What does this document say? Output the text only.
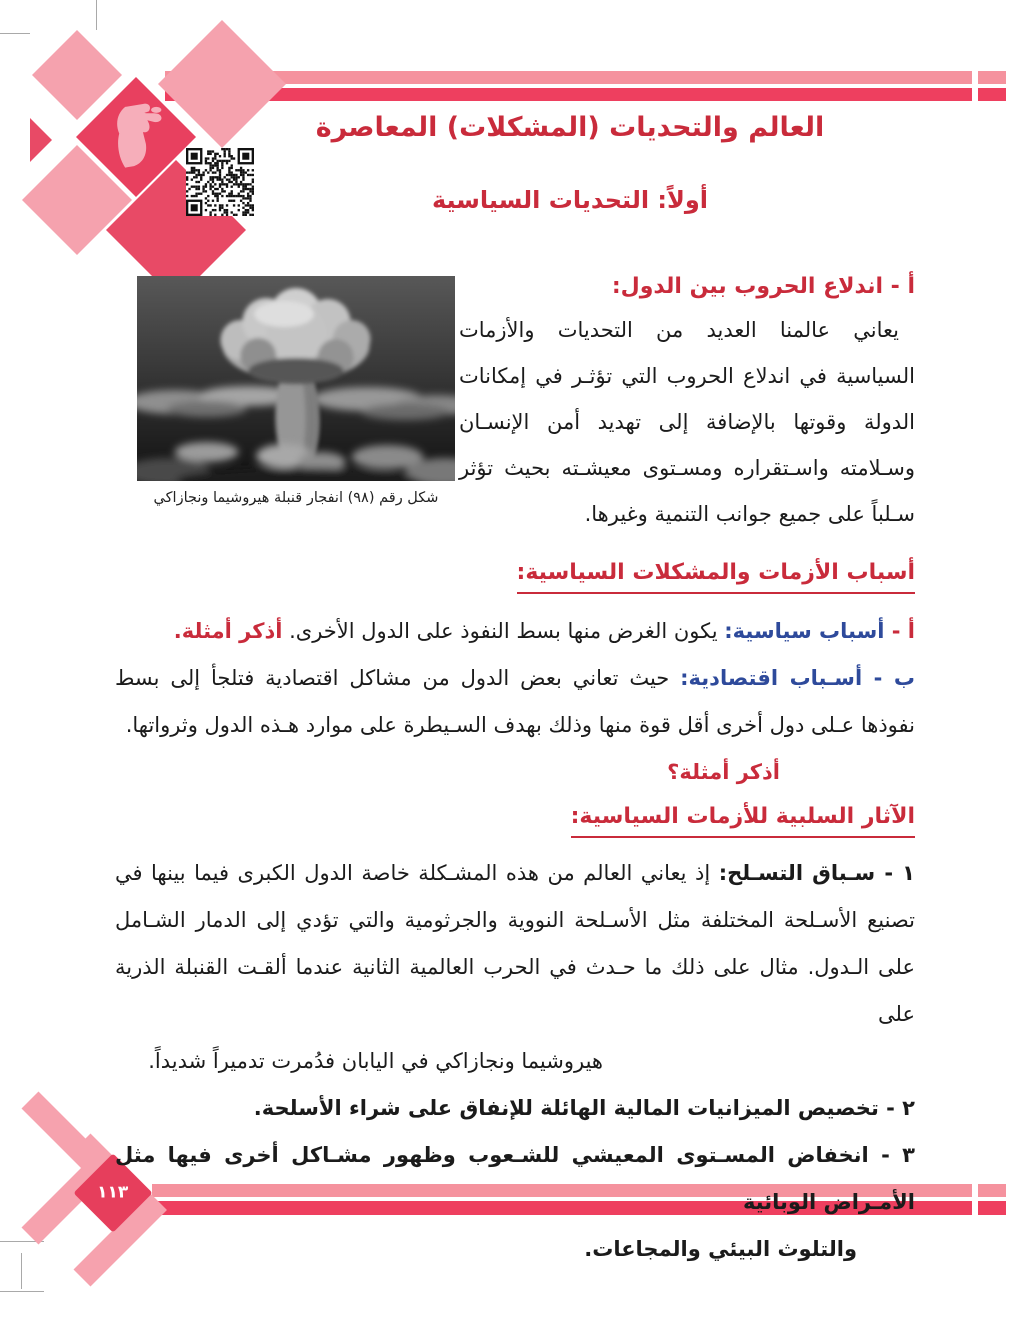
١١٣
العالم والتحديات (المشكلات) المعاصرة
أولاً: التحديات السياسية
شكل رقم (٩٨) انفجار قنبلة هيروشيما ونجازاكي

أ - اندلاع الحروب بين الدول:

يعاني عالمنا العديد من التحديات والأزمات السياسية في اندلاع الحروب التي تؤثـر في إمكانات الدولة وقوتها بالإضافة إلى تهديد أمن الإنسـان وسـلامته واسـتقراره ومسـتوى معيشـته بحيث تؤثر سـلباً على جميع جوانب التنمية وغيرها.

أسباب الأزمات والمشكلات السياسية:

أ - أسباب سياسية: يكون الغرض منها بسط النفوذ على الدول الأخرى. أذكر أمثلة.

ب - أسـباب اقتصادية: حيث تعاني بعض الدول من مشاكل اقتصادية فتلجأ إلى بسط نفوذها عـلى دول أخرى أقل قوة منها وذلك بهدف السـيطرة على موارد هـذه الدول وثرواتها.

أذكر أمثلة؟

الآثار السلبية للأزمات السياسية:

١ - سـباق التسـلح: إذ يعاني العالم من هذه المشـكلة خاصة الدول الكبرى فيما بينها في تصنيع الأسـلحة المختلفة مثل الأسـلحة النووية والجرثومية والتي تؤدي إلى الدمار الشـامل على الـدول. مثال على ذلك ما حـدث في الحرب العالمية الثانية عندما ألقـت القنبلة الذرية على

هيروشيما ونجازاكي في اليابان فدُمرت تدميراً شديداً.

٢ - تخصيص الميزانيات المالية الهائلة للإنفاق على شراء الأسلحة.

٣ - انخفاض المسـتوى المعيشي للشـعوب وظهور مشـاكل أخرى فيها مثل الأمـراض الوبائية

والتلوث البيئي والمجاعات.
